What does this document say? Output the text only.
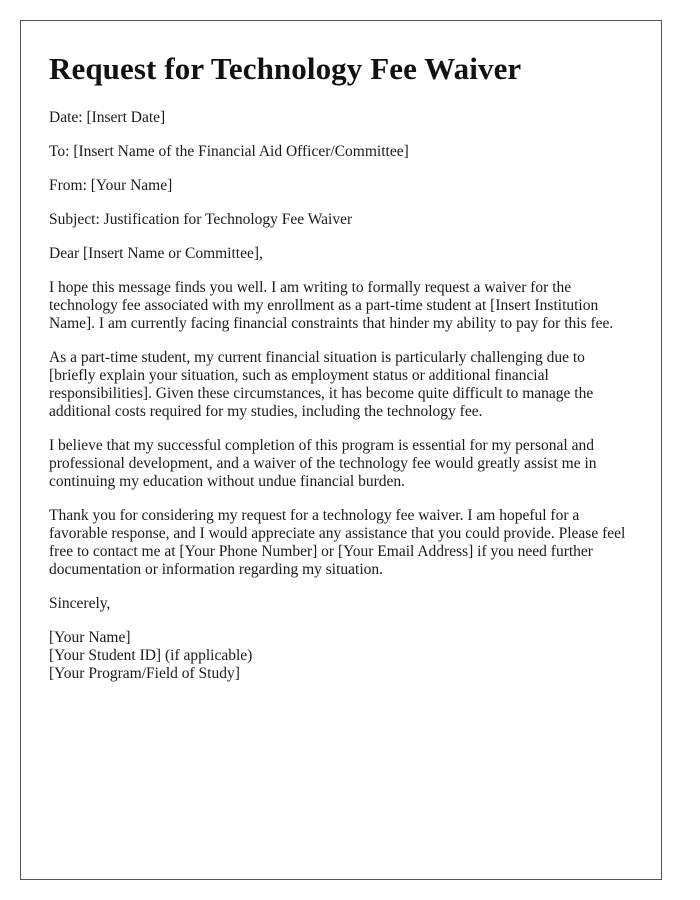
Request for Technology Fee Waiver

Date: [Insert Date]

To: [Insert Name of the Financial Aid Officer/Committee]

From: [Your Name]

Subject: Justification for Technology Fee Waiver

Dear [Insert Name or Committee],

I hope this message finds you well. I am writing to formally request a waiver for the technology fee associated with my enrollment as a part-time student at [Insert Institution Name]. I am currently facing financial constraints that hinder my ability to pay for this fee.

As a part-time student, my current financial situation is particularly challenging due to [briefly explain your situation, such as employment status or additional financial responsibilities]. Given these circumstances, it has become quite difficult to manage the additional costs required for my studies, including the technology fee.

I believe that my successful completion of this program is essential for my personal and professional development, and a waiver of the technology fee would greatly assist me in continuing my education without undue financial burden.

Thank you for considering my request for a technology fee waiver. I am hopeful for a favorable response, and I would appreciate any assistance that you could provide. Please feel free to contact me at [Your Phone Number] or [Your Email Address] if you need further documentation or information regarding my situation.

Sincerely,

[Your Name]

[Your Student ID] (if applicable)

[Your Program/Field of Study]
